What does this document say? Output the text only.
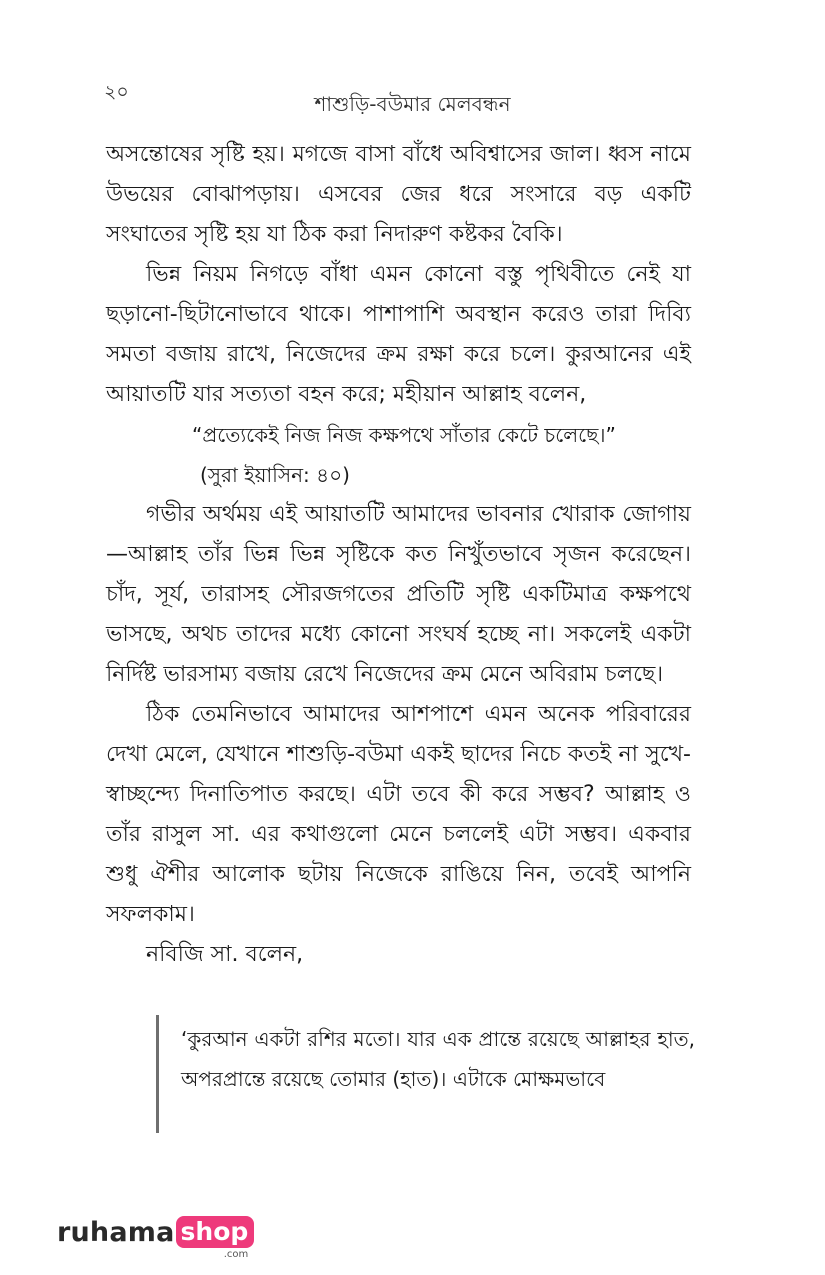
২০	শাশুড়ি-বউমার মেলবন্ধন

অসন্তোষের সৃষ্টি হয়। মগজে বাসা বাঁধে অবিশ্বাসের জাল। ধ্বস নামে উভয়ের বোঝাপড়ায়। এসবের জের ধরে সংসারে বড় একটি সংঘাতের সৃষ্টি হয় যা ঠিক করা নিদারুণ কষ্টকর বৈকি।

ভিন্ন নিয়ম নিগড়ে বাঁধা এমন কোনো বস্তু পৃথিবীতে নেই যা ছড়ানো-ছিটানোভাবে থাকে। পাশাপাশি অবস্থান করেও তারা দিব্যি সমতা বজায় রাখে, নিজেদের ক্রম রক্ষা করে চলে। কুরআনের এই আয়াতটি যার সত্যতা বহন করে; মহীয়ান আল্লাহ বলেন,

“প্রত্যেকেই নিজ নিজ কক্ষপথে সাঁতার কেটে চলেছে।”

(সুরা ইয়াসিন: ৪০)

গভীর অর্থময় এই আয়াতটি আমাদের ভাবনার খোরাক জোগায়—আল্লাহ তাঁর ভিন্ন ভিন্ন সৃষ্টিকে কত নিখুঁতভাবে সৃজন করেছেন। চাঁদ, সূর্য, তারাসহ সৌরজগতের প্রতিটি সৃষ্টি একটিমাত্র কক্ষপথে ভাসছে, অথচ তাদের মধ্যে কোনো সংঘর্ষ হচ্ছে না। সকলেই একটা নির্দিষ্ট ভারসাম্য বজায় রেখে নিজেদের ক্রম মেনে অবিরাম চলছে।

ঠিক তেমনিভাবে আমাদের আশপাশে এমন অনেক পরিবারের দেখা মেলে, যেখানে শাশুড়ি-বউমা একই ছাদের নিচে কতই না সুখে-স্বাচ্ছন্দ্যে দিনাতিপাত করছে। এটা তবে কী করে সম্ভব? আল্লাহ ও তাঁর রাসুল সা. এর কথাগুলো মেনে চললেই এটা সম্ভব। একবার শুধু ঐশীর আলোক ছটায় নিজেকে রাঙিয়ে নিন, তবেই আপনি সফলকাম।

নবিজি সা. বলেন,

‘কুরআন একটা রশির মতো। যার এক প্রান্তে রয়েছে আল্লাহর হাত, অপরপ্রান্তে রয়েছে তোমার (হাত)। এটাকে মোক্ষমভাবে
ruhama shop
.com
